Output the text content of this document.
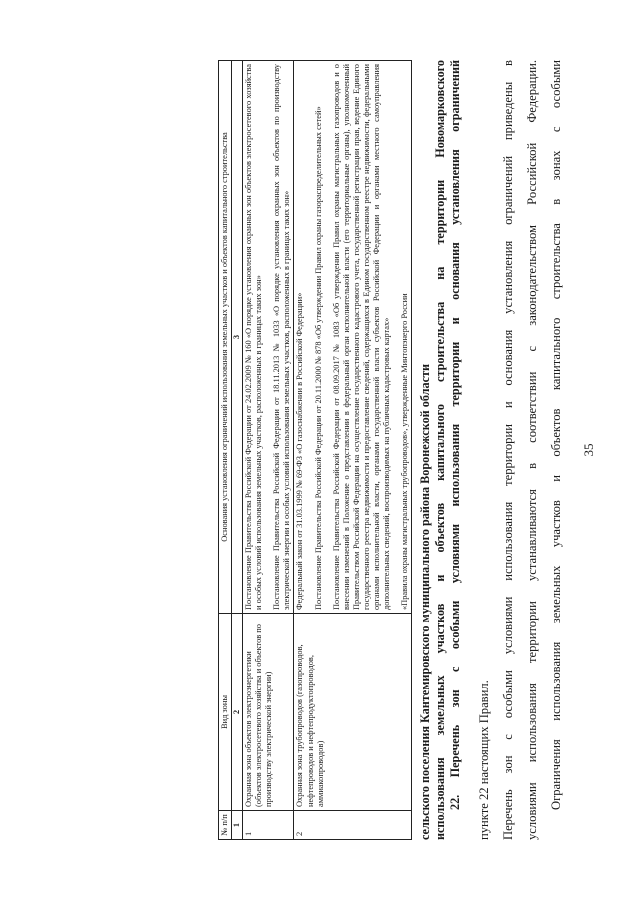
35
Ограничения использования земельных участков и объектов капитального строительства в зонах с особыми
условиями использования территории устанавливаются в соответствии с законодательством Российской Федерации.
Перечень зон с особыми условиями использования территории и основания установления ограничений приведены в
пункте 22 настоящих Правил.
22. Перечень зон с особыми условиями использования территории и основания установления ограничений
использования земельных участков и объектов капитального строительства на территории Новомарковского
сельского поселения Кантемировского муниципального района Воронежской области
№ п/п	Вид зоны	Основания установления ограничений использования земельных участков и объектов капитального строительства
1	2	3
1	Охранная зона объектов электроэнергетики (объектов электросетевого хозяйства и объектов по производству электрической энергии)	Постановление Правительства Российской Федерации от 24.02.2009 № 160 «О порядке установления охранных зон объектов электросетевого хозяйства и особых условий использования земельных участков, расположенных в границах таких зон» Постановление Правительства Российской Федерации от 18.11.2013 № 1033 «О порядке установления охранных зон объектов по производству электрической энергии и особых условий использования земельных участков, расположенных в границах таких зон»

2	Охранная зона трубопроводов (газопроводов, нефтепроводов и нефтепродуктопроводов, аммиакопроводов)	Федеральный закон от 31.03.1999 № 69-ФЗ «О газоснабжении в Российской Федерации» Постановление Правительства Российской Федерации от 20.11.2000 № 878 «Об утверждении Правил охраны газораспределительных сетей» Постановление Правительства Российской Федерации от 08.09.2017 № 1083 «Об утверждении Правил охраны магистральных газопроводов и о внесении изменений в Положение о представлении в федеральный орган исполнительной власти (его территориальные органы), уполномоченный Правительством Российской Федерации на осуществление государственного кадастрового учета, государственной регистрации прав, ведение Единого государственного реестра недвижимости и предоставление сведений, содержащихся в Едином государственном реестре недвижимости, федеральными органами исполнительной власти, органами государственной власти субъектов Российской Федерации и органами местного самоуправления дополнительных сведений, воспроизводимых на публичных кадастровых картах» «Правила охраны магистральных трубопроводов», утвержденные Минтопэнерго России
